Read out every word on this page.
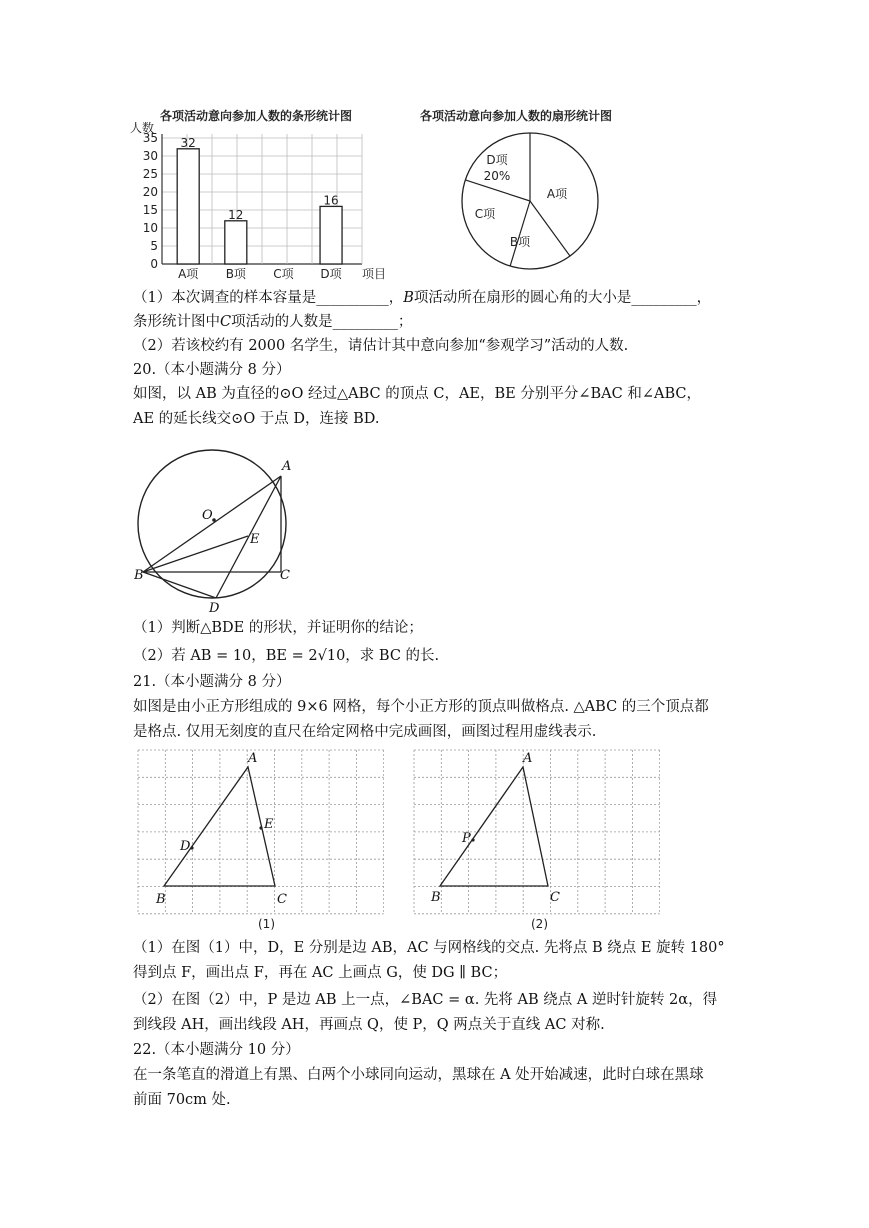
各项活动意向参加人数的条形统计图
人数
0
5
10
15
20
25
30
35 32
12
16
A项 B项 C项 D项 项目
各项活动意向参加人数的扇形统计图
A项
B项
C项
D项
20%
（1）本次调查的样本容量是__________，B项活动所在扇形的圆心角的大小是_________，
条形统计图中C项活动的人数是_________；
（2）若该校约有 2000 名学生，请估计其中意向参加“参观学习”活动的人数.
20.（本小题满分 8 分）
如图，以 AB 为直径的⊙O 经过△ABC 的顶点 C，AE，BE 分别平分∠BAC 和∠ABC，
AE 的延长线交⊙O 于点 D，连接 BD.
A
O
E
B	C
D
（1）判断△BDE 的形状，并证明你的结论；
（2）若 AB = 10，BE = 2√10，求 BC 的长.
21.（本小题满分 8 分）
如图是由小正方形组成的 9×6 网格，每个小正方形的顶点叫做格点. △ABC 的三个顶点都
是格点. 仅用无刻度的直尺在给定网格中完成画图，画图过程用虚线表示.
A
E
D
B	C
(1)
A
P
B	C
(2)
（1）在图（1）中，D，E 分别是边 AB，AC 与网格线的交点. 先将点 B 绕点 E 旋转 180°
得到点 F，画出点 F，再在 AC 上画点 G，使 DG ∥ BC；
（2）在图（2）中，P 是边 AB 上一点，∠BAC = α. 先将 AB 绕点 A 逆时针旋转 2α，得
到线段 AH，画出线段 AH，再画点 Q，使 P，Q 两点关于直线 AC 对称.
22.（本小题满分 10 分）
在一条笔直的滑道上有黑、白两个小球同向运动，黑球在 A 处开始减速，此时白球在黑球
前面 70cm 处.
